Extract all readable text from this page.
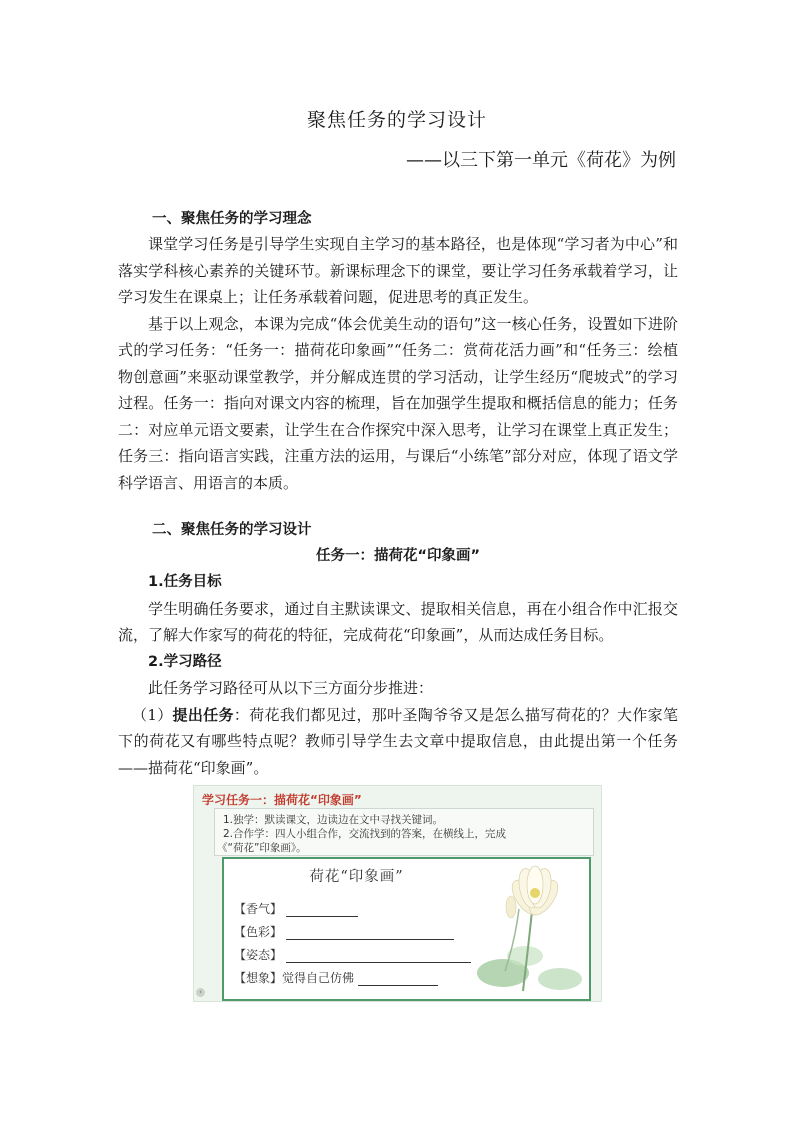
聚焦任务的学习设计
——以三下第一单元《荷花》为例
一、聚焦任务的学习理念

课堂学习任务是引导学生实现自主学习的基本路径，也是体现“学习者为中心”和落实学科核心素养的关键环节。新课标理念下的课堂，要让学习任务承载着学习，让学习发生在课桌上；让任务承载着问题，促进思考的真正发生。

基于以上观念，本课为完成“体会优美生动的语句”这一核心任务，设置如下进阶式的学习任务：“任务一：描荷花印象画”“任务二：赏荷花活力画”和“任务三：绘植物创意画”来驱动课堂教学，并分解成连贯的学习活动，让学生经历“爬坡式”的学习过程。任务一：指向对课文内容的梳理，旨在加强学生提取和概括信息的能力；任务二：对应单元语文要素，让学生在合作探究中深入思考，让学习在课堂上真正发生；任务三：指向语言实践，注重方法的运用，与课后“小练笔”部分对应，体现了语文学科学语言、用语言的本质。

二、聚焦任务的学习设计
任务一：描荷花“印象画”
1.任务目标

学生明确任务要求，通过自主默读课文、提取相关信息，再在小组合作中汇报交流，了解大作家写的荷花的特征，完成荷花“印象画”，从而达成任务目标。

2.学习路径

此任务学习路径可从以下三方面分步推进：

（1）提出任务：荷花我们都见过，那叶圣陶爷爷又是怎么描写荷花的？大作家笔下的荷花又有哪些特点呢？教师引导学生去文章中提取信息，由此提出第一个任务——描荷花“印象画”。

学习任务一：描荷花“印象画”
1.独学：默读课文，边读边在文中寻找关键词。
2.合作学：四人小组合作，交流找到的答案，在横线上，完成
《“荷花”印象画》。
荷花“印象画”
【香气】
【色彩】
【姿态】
【想象】觉得自己仿佛
‹
